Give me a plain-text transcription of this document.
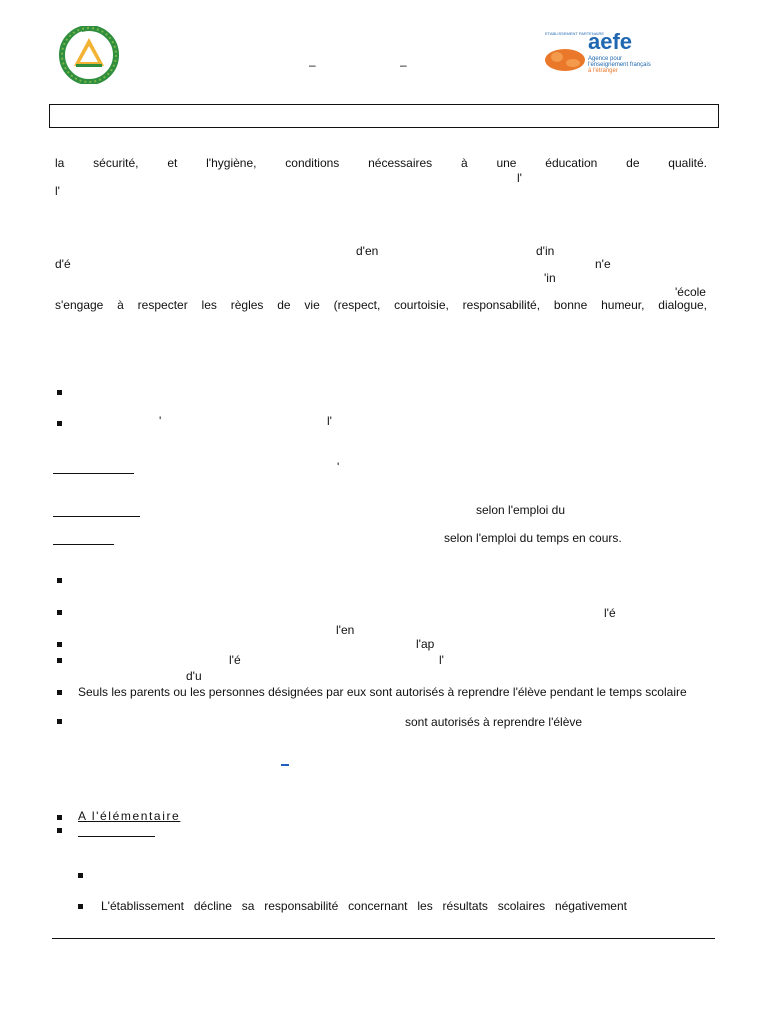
–	–
ETABLISSEMENT PARTENAIRE
aefe
Agence pour
l'enseignement français
à l'étranger
la sécurité, et l'hygiène, conditions nécessaires à une éducation de qualité.
l'
l'
d'en	d'in
d'é	n'e
'in
'école
s'engage à respecter les règles de vie (respect, courtoisie, responsabilité, bonne humeur, dialogue,
'	l'
'
selon l'emploi du
selon l'emploi du temps en cours.
l'é
l'en
l'ap
l'é	l'
d'u
Seuls les parents ou les personnes désignées par eux sont autorisés à reprendre l'élève pendant le temps scolaire
sont autorisés à reprendre l'élève
A l'élémentaire
L'établissement décline sa responsabilité concernant les résultats scolaires négativement
